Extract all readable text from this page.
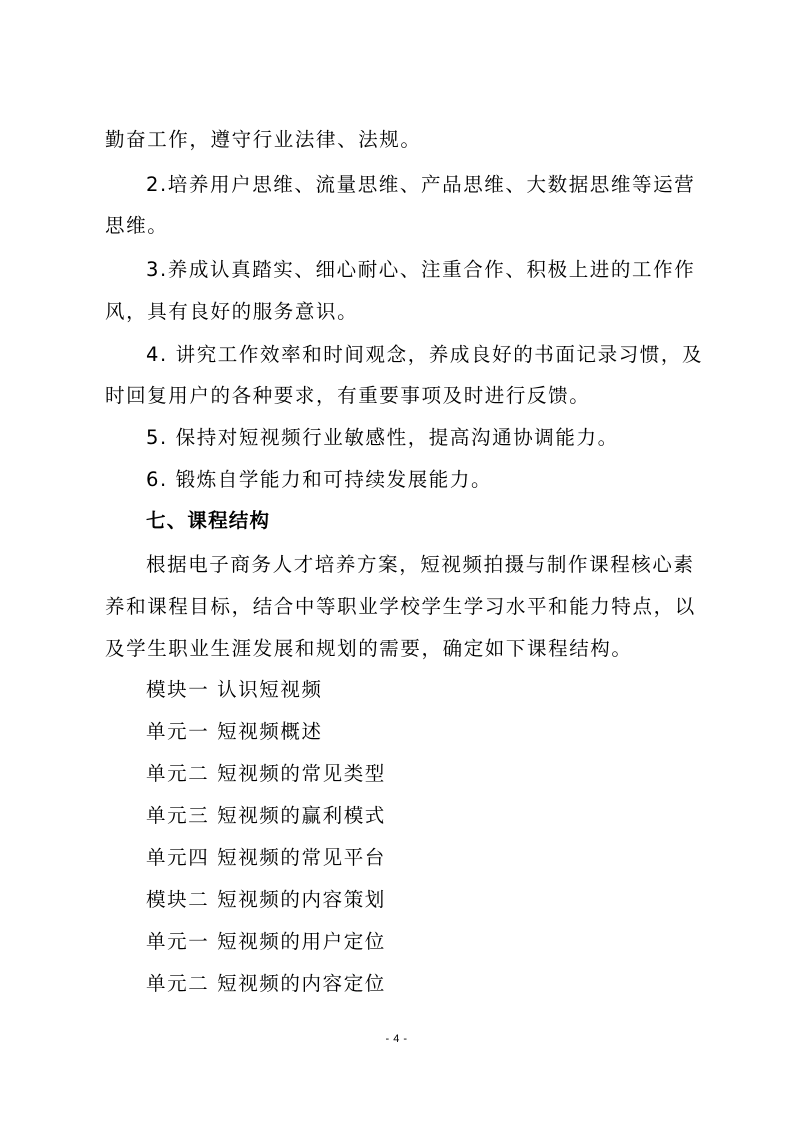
勤奋工作，遵守行业法律、法规。
2.培养用户思维、流量思维、产品思维、大数据思维等运营
思维。
3.养成认真踏实、细心耐心、注重合作、积极上进的工作作
风，具有良好的服务意识。
4. 讲究工作效率和时间观念，养成良好的书面记录习惯，及
时回复用户的各种要求，有重要事项及时进行反馈。
5. 保持对短视频行业敏感性，提高沟通协调能力。
6. 锻炼自学能力和可持续发展能力。
七、课程结构
根据电子商务人才培养方案，短视频拍摄与制作课程核心素
养和课程目标，结合中等职业学校学生学习水平和能力特点，以
及学生职业生涯发展和规划的需要，确定如下课程结构。
模块一 认识短视频
单元一 短视频概述
单元二 短视频的常见类型
单元三 短视频的赢利模式
单元四 短视频的常见平台
模块二 短视频的内容策划
单元一 短视频的用户定位
单元二 短视频的内容定位
- 4 -
